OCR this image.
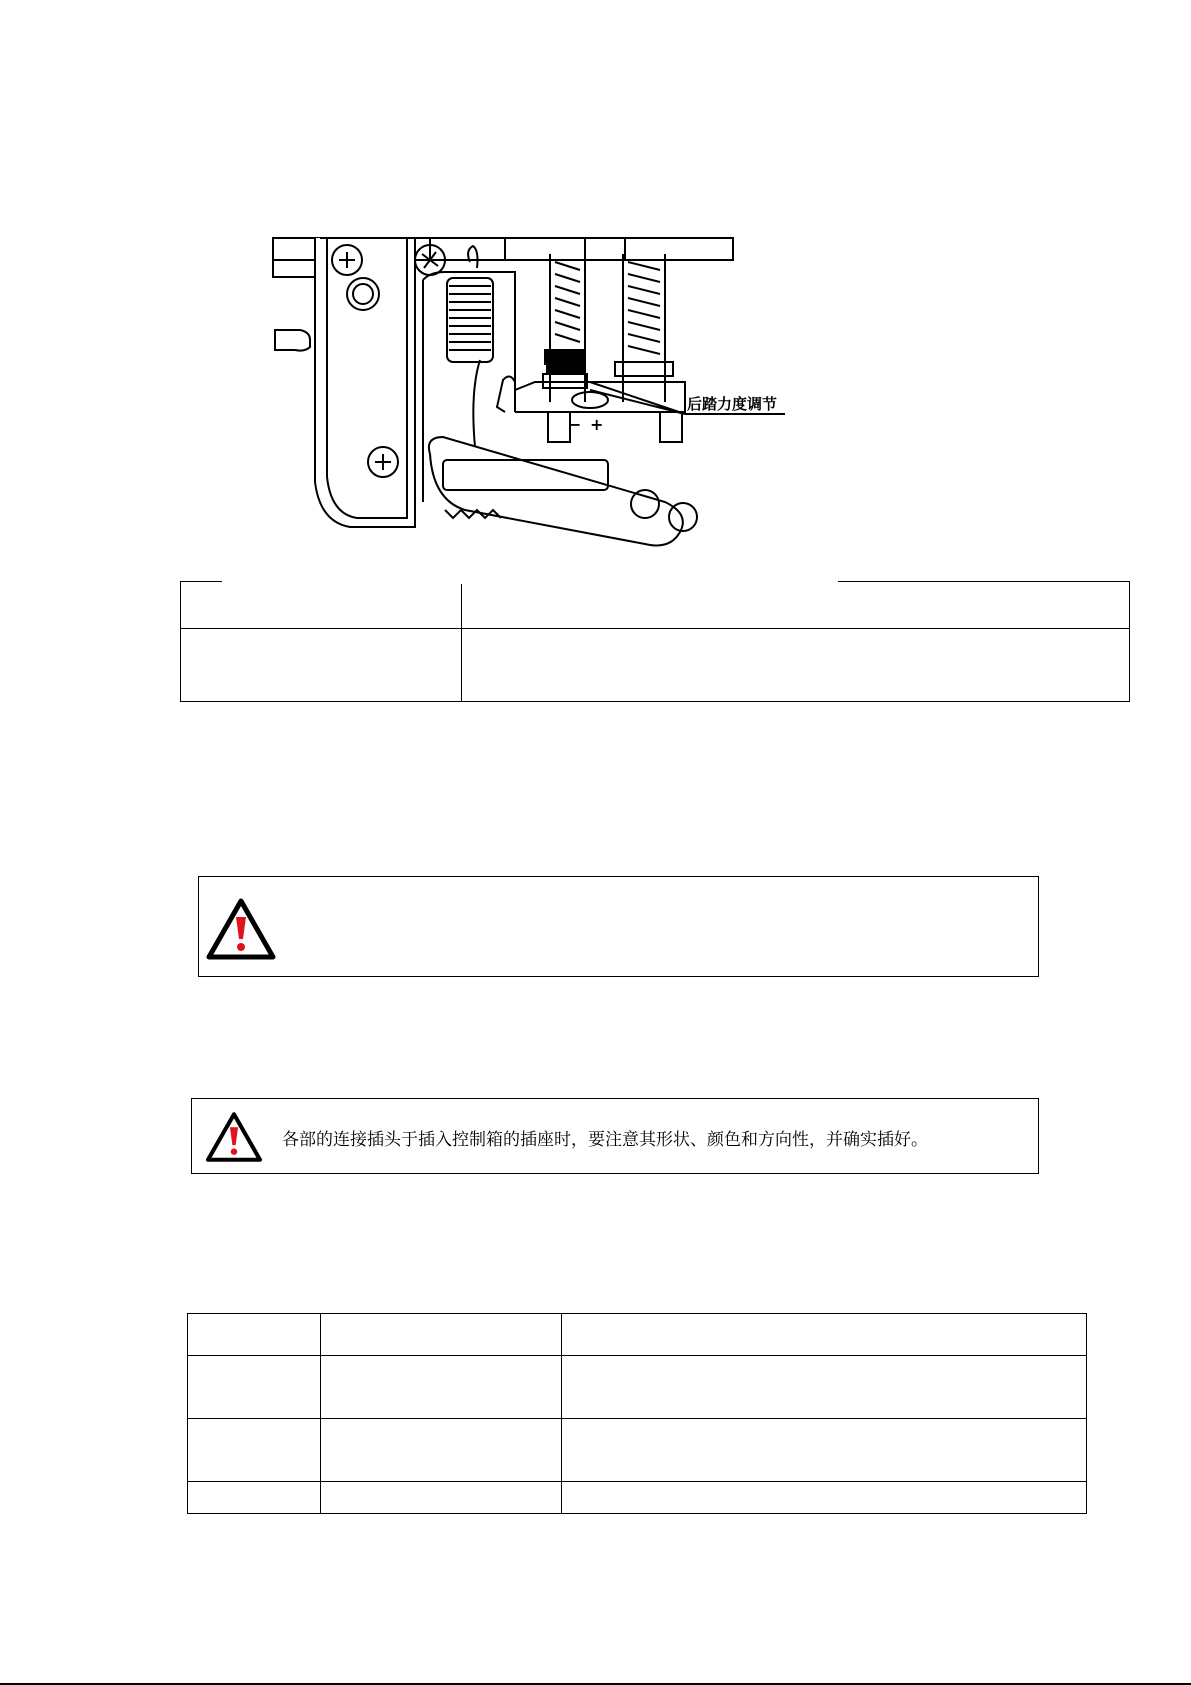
后踏力度调节
− +

各部的连接插头于插入控制箱的插座时，要注意其形状、颜色和方向性，并确实插好。
